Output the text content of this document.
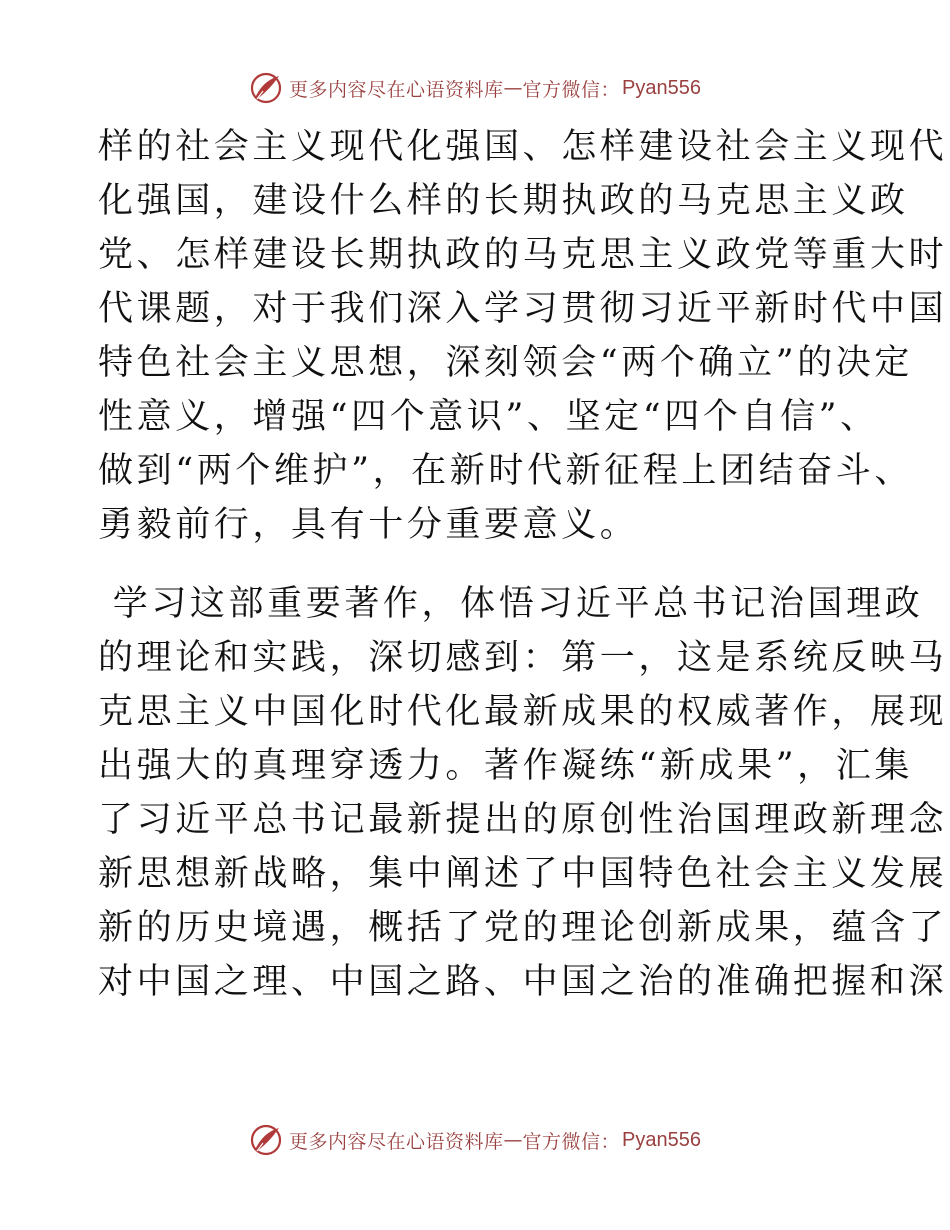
更多内容尽在心语资料库 — 官方微信： Pyan556
样的社会主义现代化强国、怎样建设社会主义现代
化强国，建设什么样的长期执政的马克思主义政
党、怎样建设长期执政的马克思主义政党等重大时
代课题，对于我们深入学习贯彻习近平新时代中国
特色社会主义思想，深刻领会“两个确立”的决定
性意义，增强“四个意识”、坚定“四个自信”、
做到“两个维护”，在新时代新征程上团结奋斗、
勇毅前行，具有十分重要意义。
学习这部重要著作，体悟习近平总书记治国理政
的理论和实践，深切感到：第一，这是系统反映马
克思主义中国化时代化最新成果的权威著作，展现
出强大的真理穿透力。著作凝练“新成果”，汇集
了习近平总书记最新提出的原创性治国理政新理念
新思想新战略，集中阐述了中国特色社会主义发展
新的历史境遇，概括了党的理论创新成果，蕴含了
对中国之理、中国之路、中国之治的准确把握和深
更多内容尽在心语资料库 — 官方微信： Pyan556
